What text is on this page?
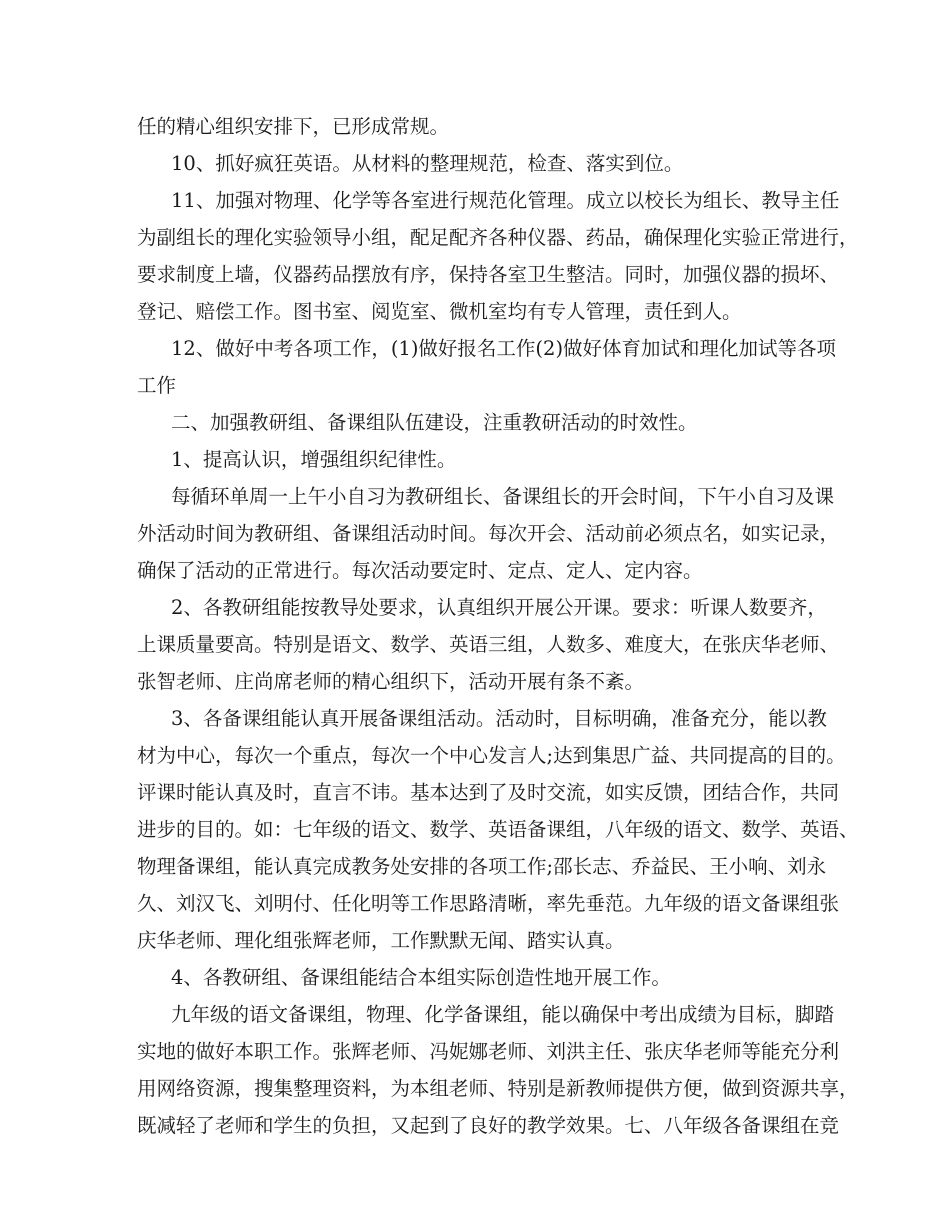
任的精心组织安排下，已形成常规。
10、抓好疯狂英语。从材料的整理规范，检查、落实到位。
11、加强对物理、化学等各室进行规范化管理。成立以校长为组长、教导主任
为副组长的理化实验领导小组，配足配齐各种仪器、药品，确保理化实验正常进行，
要求制度上墙，仪器药品摆放有序，保持各室卫生整洁。同时，加强仪器的损坏、
登记、赔偿工作。图书室、阅览室、微机室均有专人管理，责任到人。
12、做好中考各项工作，(1)做好报名工作(2)做好体育加试和理化加试等各项
工作
二、加强教研组、备课组队伍建设，注重教研活动的时效性。
1、提高认识，增强组织纪律性。
每循环单周一上午小自习为教研组长、备课组长的开会时间，下午小自习及课
外活动时间为教研组、备课组活动时间。每次开会、活动前必须点名，如实记录，
确保了活动的正常进行。每次活动要定时、定点、定人、定内容。
2、各教研组能按教导处要求，认真组织开展公开课。要求：听课人数要齐，
上课质量要高。特别是语文、数学、英语三组，人数多、难度大，在张庆华老师、
张智老师、庄尚席老师的精心组织下，活动开展有条不紊。
3、各备课组能认真开展备课组活动。活动时，目标明确，准备充分，能以教
材为中心，每次一个重点，每次一个中心发言人;达到集思广益、共同提高的目的。
评课时能认真及时，直言不讳。基本达到了及时交流，如实反馈，团结合作，共同
进步的目的。如：七年级的语文、数学、英语备课组，八年级的语文、数学、英语、
物理备课组，能认真完成教务处安排的各项工作;邵长志、乔益民、王小响、刘永
久、刘汉飞、刘明付、任化明等工作思路清晰，率先垂范。九年级的语文备课组张
庆华老师、理化组张辉老师，工作默默无闻、踏实认真。
4、各教研组、备课组能结合本组实际创造性地开展工作。
九年级的语文备课组，物理、化学备课组，能以确保中考出成绩为目标，脚踏
实地的做好本职工作。张辉老师、冯妮娜老师、刘洪主任、张庆华老师等能充分利
用网络资源，搜集整理资料，为本组老师、特别是新教师提供方便，做到资源共享，
既减轻了老师和学生的负担，又起到了良好的教学效果。七、八年级各备课组在竞
